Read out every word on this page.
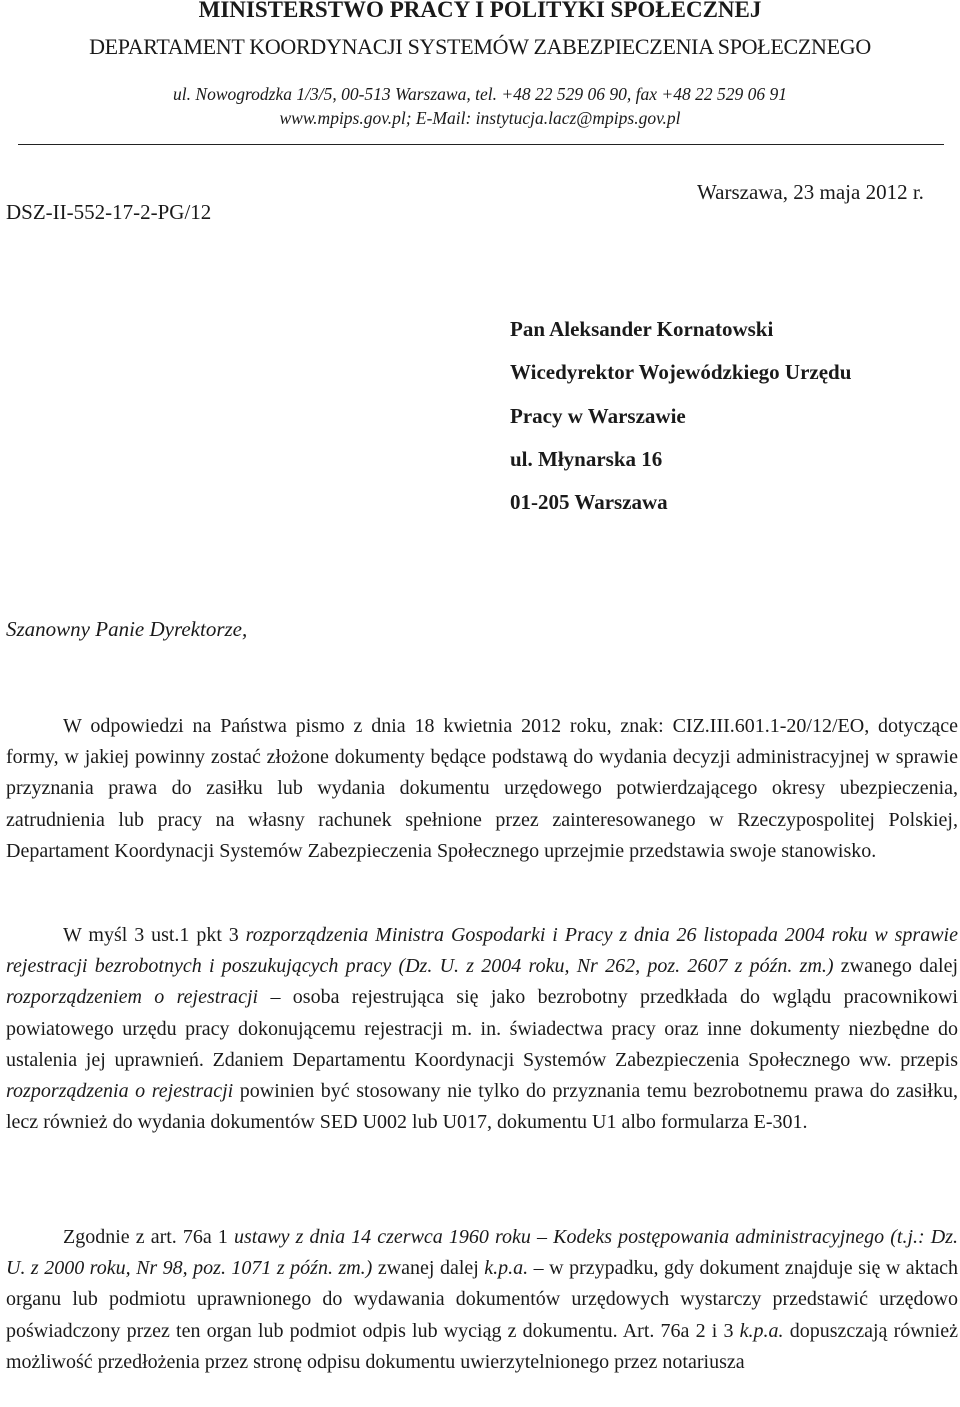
MINISTERSTWO PRACY I POLITYKI SPOŁECZNEJ
DEPARTAMENT KOORDYNACJI SYSTEMÓW ZABEZPIECZENIA SPOŁECZNEGO
ul. Nowogrodzka 1/3/5, 00-513 Warszawa, tel. +48 22 529 06 90, fax +48 22 529 06 91
www.mpips.gov.pl; E-Mail: instytucja.lacz@mpips.gov.pl
DSZ-II-552-17-2-PG/12
Warszawa, 23 maja 2012 r.
Pan Aleksander Kornatowski
Wicedyrektor Wojewódzkiego Urzędu
Pracy w Warszawie
ul. Młynarska 16
01-205 Warszawa
Szanowny Panie Dyrektorze,

W odpowiedzi na Państwa pismo z dnia 18 kwietnia 2012 roku, znak: CIZ.III.601.1-20/12/EO, dotyczące formy, w jakiej powinny zostać złożone dokumenty będące podstawą do wydania decyzji administracyjnej w sprawie przyznania prawa do zasiłku lub wydania dokumentu urzędowego potwierdzającego okresy ubezpieczenia, zatrudnienia lub pracy na własny rachunek spełnione przez zainteresowanego w Rzeczypospolitej Polskiej, Departament Koordynacji Systemów Zabezpieczenia Społecznego uprzejmie przedstawia swoje stanowisko.

W myśl 3 ust.1 pkt 3 rozporządzenia Ministra Gospodarki i Pracy z dnia 26 listopada 2004 roku w sprawie rejestracji bezrobotnych i poszukujących pracy (Dz. U. z 2004 roku, Nr 262, poz. 2607 z późn. zm.) zwanego dalej rozporządzeniem o rejestracji – osoba rejestrująca się jako bezrobotny przedkłada do wglądu pracownikowi powiatowego urzędu pracy dokonującemu rejestracji m. in. świadectwa pracy oraz inne dokumenty niezbędne do ustalenia jej uprawnień. Zdaniem Departamentu Koordynacji Systemów Zabezpieczenia Społecznego ww. przepis rozporządzenia o rejestracji powinien być stosowany nie tylko do przyznania temu bezrobotnemu prawa do zasiłku, lecz również do wydania dokumentów SED U002 lub U017, dokumentu U1 albo formularza E-301.

Zgodnie z art. 76a 1 ustawy z dnia 14 czerwca 1960 roku – Kodeks postępowania administracyjnego (t.j.: Dz. U. z 2000 roku, Nr 98, poz. 1071 z późn. zm.) zwanej dalej k.p.a. – w przypadku, gdy dokument znajduje się w aktach organu lub podmiotu uprawnionego do wydawania dokumentów urzędowych wystarczy przedstawić urzędowo poświadczony przez ten organ lub podmiot odpis lub wyciąg z dokumentu. Art. 76a 2 i 3 k.p.a. dopuszczają również możliwość przedłożenia przez stronę odpisu dokumentu uwierzytelnionego przez notariusza
